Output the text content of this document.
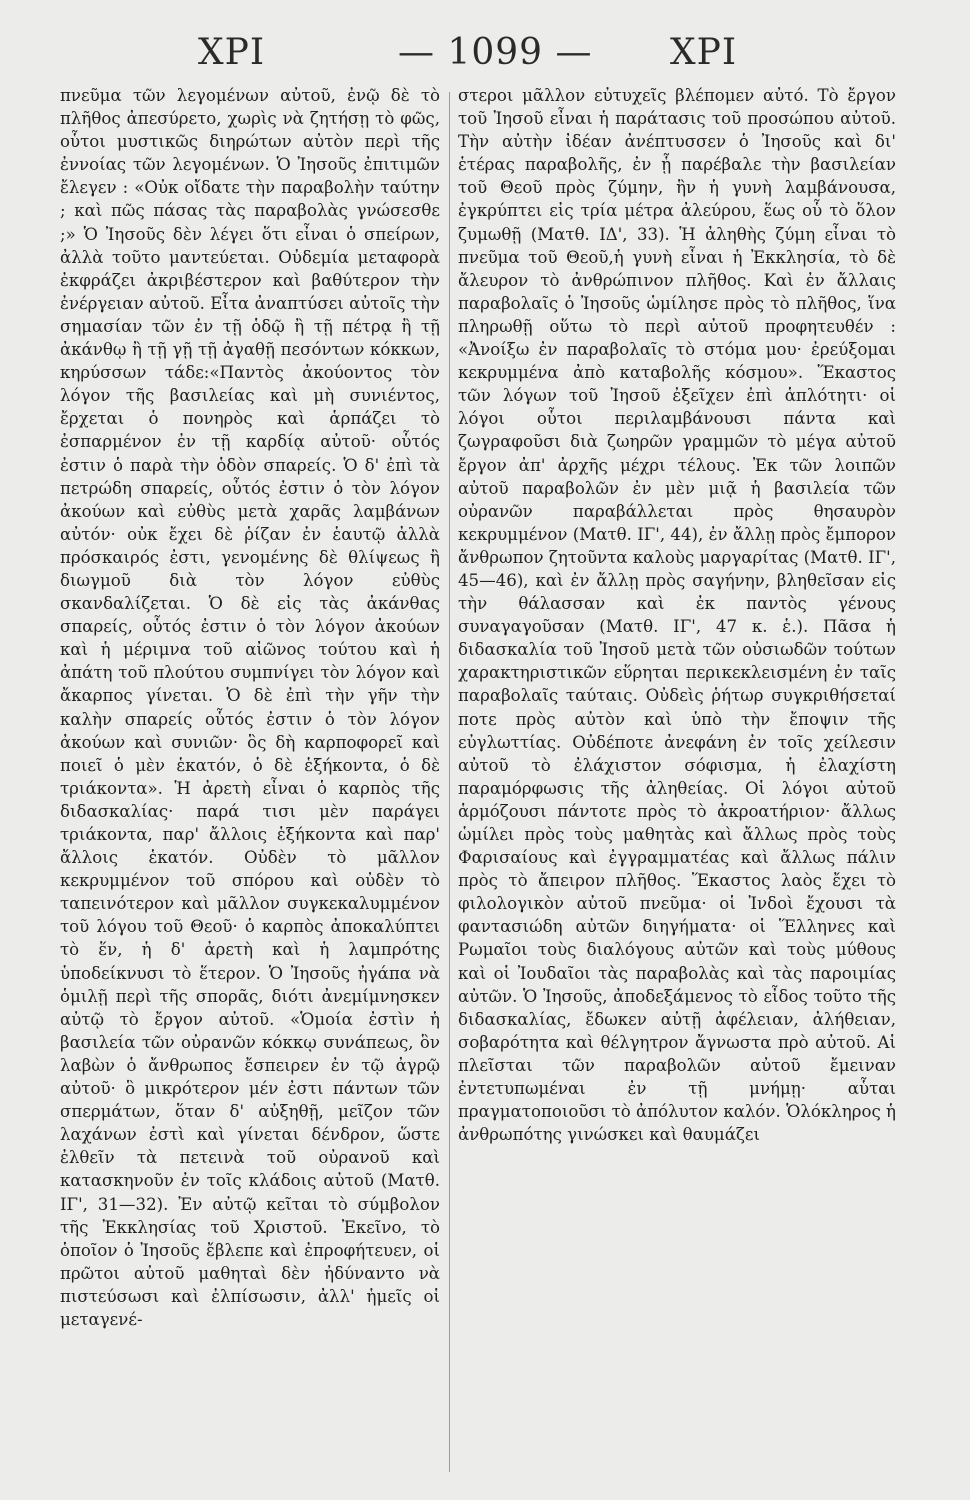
ΧΡΙ	— 1099 — ΧΡΙ

πνεῦμα τῶν λεγομένων αὐτοῦ, ἐνῷ δὲ τὸ πλῆθος ἀπεσύρετο, χωρὶς νὰ ζητήσῃ τὸ φῶς, οὗτοι μυστικῶς διηρώτων αὐτὸν περὶ τῆς ἐννοίας τῶν λεγομένων. Ὁ Ἰησοῦς ἐπιτιμῶν ἔλεγεν : «Οὐκ οἴδατε τὴν παραβολὴν ταύτην ; καὶ πῶς πάσας τὰς παραβολὰς γνώσεσθε ;» Ὁ Ἰησοῦς δὲν λέγει ὅτι εἶναι ὁ σπείρων, ἀλλὰ τοῦτο μαντεύεται. Οὐδεμία μεταφορὰ ἐκφράζει ἀκριβέστερον καὶ βαθύτερον τὴν ἐνέργειαν αὐτοῦ. Εἶτα ἀναπτύσει αὐτοῖς τὴν σημασίαν τῶν ἐν τῇ ὁδῷ ἢ τῇ πέτρᾳ ἢ τῇ ἀκάνθῳ ἢ τῇ γῇ τῇ ἀγαθῇ πεσόντων κόκκων, κηρύσσων τάδε:«Παντὸς ἀκούοντος τὸν λόγον τῆς βασιλείας καὶ μὴ συνιέντος, ἔρχεται ὁ πονηρὸς καὶ ἁρπάζει τὸ ἐσπαρμένον ἐν τῇ καρδίᾳ αὐτοῦ· οὗτός ἐστιν ὁ παρὰ τὴν ὁδὸν σπαρείς. Ὁ δ' ἐπὶ τὰ πετρώδη σπαρείς, οὗτός ἐστιν ὁ τὸν λόγον ἀκούων καὶ εὐθὺς μετὰ χαρᾶς λαμβάνων αὐτόν· οὐκ ἔχει δὲ ῥίζαν ἐν ἑαυτῷ ἀλλὰ πρόσκαιρός ἐστι, γενομένης δὲ θλίψεως ἢ διωγμοῦ διὰ τὸν λόγον εὐθὺς σκανδαλίζεται. Ὁ δὲ εἰς τὰς ἀκάνθας σπαρείς, οὗτός ἐστιν ὁ τὸν λόγον ἀκούων καὶ ἡ μέριμνα τοῦ αἰῶνος τούτου καὶ ἡ ἀπάτη τοῦ πλούτου συμπνίγει τὸν λόγον καὶ ἄκαρπος γίνεται. Ὁ δὲ ἐπὶ τὴν γῆν τὴν καλὴν σπαρείς οὗτός ἐστιν ὁ τὸν λόγον ἀκούων καὶ συνιῶν· ὃς δὴ καρποφορεῖ καὶ ποιεῖ ὁ μὲν ἑκατόν, ὁ δὲ ἑξήκοντα, ὁ δὲ τριάκοντα». Ἡ ἀρετὴ εἶναι ὁ καρπὸς τῆς διδασκαλίας· παρά τισι μὲν παράγει τριάκοντα, παρ' ἄλλοις ἑξήκοντα καὶ παρ' ἄλλοις ἑκατόν. Οὐδὲν τὸ μᾶλλον κεκρυμμένον τοῦ σπόρου καὶ οὐδὲν τὸ ταπεινότερον καὶ μᾶλλον συγκεκαλυμμένον τοῦ λόγου τοῦ Θεοῦ· ὁ καρπὸς ἀποκαλύπτει τὸ ἕν, ἡ δ' ἀρετὴ καὶ ἡ λαμπρότης ὑποδείκνυσι τὸ ἕτερον. Ὁ Ἰησοῦς ἠγάπα νὰ ὁμιλῇ περὶ τῆς σπορᾶς, διότι ἀνεμίμνησκεν αὐτῷ τὸ ἔργον αὐτοῦ. «Ὁμοία ἐστὶν ἡ βασιλεία τῶν οὐρανῶν κόκκῳ συνάπεως, ὃν λαβὼν ὁ ἄνθρωπος ἔσπειρεν ἐν τῷ ἀγρῷ αὐτοῦ· ὃ μικρότερον μέν ἐστι πάντων τῶν σπερμάτων, ὅταν δ' αὐξηθῇ, μεῖζον τῶν λαχάνων ἐστὶ καὶ γίνεται δένδρον, ὥστε ἐλθεῖν τὰ πετεινὰ τοῦ οὐρανοῦ καὶ κατασκηνοῦν ἐν τοῖς κλάδοις αὐτοῦ (Ματθ. ΙΓ', 31—32). Ἐν αὐτῷ κεῖται τὸ σύμβολον τῆς Ἐκκλησίας τοῦ Χριστοῦ. Ἐκεῖνο, τὸ ὁποῖον ὁ Ἰησοῦς ἔβλεπε καὶ ἐπροφήτευεν, οἱ πρῶτοι αὐτοῦ μαθηταὶ δὲν ἠδύναντο νὰ πιστεύσωσι καὶ ἐλπίσωσιν, ἀλλ' ἡμεῖς οἱ μεταγενέ-

στεροι μᾶλλον εὐτυχεῖς βλέπομεν αὐτό. Τὸ ἔργον τοῦ Ἰησοῦ εἶναι ἡ παράτασις τοῦ προσώπου αὐτοῦ. Τὴν αὐτὴν ἰδέαν ἀνέπτυσσεν ὁ Ἰησοῦς καὶ δι' ἑτέρας παραβολῆς, ἐν ᾗ παρέβαλε τὴν βασιλείαν τοῦ Θεοῦ πρὸς ζύμην, ἣν ἡ γυνὴ λαμβάνουσα, ἐγκρύπτει εἰς τρία μέτρα ἀλεύρου, ἕως οὗ τὸ ὅλον ζυμωθῇ (Ματθ. ΙΔ', 33). Ἡ ἀληθὴς ζύμη εἶναι τὸ πνεῦμα τοῦ Θεοῦ,ἡ γυνὴ εἶναι ἡ Ἐκκλησία, τὸ δὲ ἄλευρον τὸ ἀνθρώπινον πλῆθος. Καὶ ἐν ἄλλαις παραβολαῖς ὁ Ἰησοῦς ὡμίλησε πρὸς τὸ πλῆθος, ἵνα πληρωθῇ οὕτω τὸ περὶ αὐτοῦ προφητευθέν : «Ἀνοίξω ἐν παραβολαῖς τὸ στόμα μου· ἐρεύξομαι κεκρυμμένα ἀπὸ καταβολῆς κόσμου». Ἕκαστος τῶν λόγων τοῦ Ἰησοῦ ἐξεῖχεν ἐπὶ ἁπλότητι· οἱ λόγοι οὗτοι περιλαμβάνουσι πάντα καὶ ζωγραφοῦσι διὰ ζωηρῶν γραμμῶν τὸ μέγα αὐτοῦ ἔργον ἀπ' ἀρχῆς μέχρι τέλους. Ἐκ τῶν λοιπῶν αὐτοῦ παραβολῶν ἐν μὲν μιᾷ ἡ βασιλεία τῶν οὐρανῶν παραβάλλεται πρὸς θησαυρὸν κεκρυμμένον (Ματθ. ΙΓ', 44), ἐν ἄλλῃ πρὸς ἔμπορον ἄνθρωπον ζητοῦντα καλοὺς μαργαρίτας (Ματθ. ΙΓ', 45—46), καὶ ἐν ἄλλῃ πρὸς σαγήνην, βληθεῖσαν εἰς τὴν θάλασσαν καὶ ἐκ παντὸς γένους συναγαγοῦσαν (Ματθ. ΙΓ', 47 κ. ἑ.). Πᾶσα ἡ διδασκαλία τοῦ Ἰησοῦ μετὰ τῶν οὐσιωδῶν τούτων χαρακτηριστικῶν εὕρηται περικεκλεισμένη ἐν ταῖς παραβολαῖς ταύταις. Οὐδεὶς ῥήτωρ συγκριθήσεταί ποτε πρὸς αὐτὸν καὶ ὑπὸ τὴν ἔποψιν τῆς εὐγλωττίας. Οὐδέποτε ἀνεφάνη ἐν τοῖς χείλεσιν αὐτοῦ τὸ ἐλάχιστον σόφισμα, ἡ ἐλαχίστη παραμόρφωσις τῆς ἀληθείας. Οἱ λόγοι αὐτοῦ ἁρμόζουσι πάντοτε πρὸς τὸ ἀκροατήριον· ἄλλως ὡμίλει πρὸς τοὺς μαθητὰς καὶ ἄλλως πρὸς τοὺς Φαρισαίους καὶ ἐγγραμματέας καὶ ἄλλως πάλιν πρὸς τὸ ἄπειρον πλῆθος. Ἕκαστος λαὸς ἔχει τὸ φιλολογικὸν αὐτοῦ πνεῦμα· οἱ Ἰνδοὶ ἔχουσι τὰ φαντασιώδη αὐτῶν διηγήματα· οἱ Ἕλληνες καὶ Ρωμαῖοι τοὺς διαλόγους αὐτῶν καὶ τοὺς μύθους καὶ οἱ Ἰουδαῖοι τὰς παραβολὰς καὶ τὰς παροιμίας αὐτῶν. Ὁ Ἰησοῦς, ἀποδεξάμενος τὸ εἶδος τοῦτο τῆς διδασκαλίας, ἔδωκεν αὐτῇ ἀφέλειαν, ἀλήθειαν, σοβαρότητα καὶ θέλγητρον ἄγνωστα πρὸ αὐτοῦ. Αἱ πλεῖσται τῶν παραβολῶν αὐτοῦ ἔμειναν ἐντετυπωμέναι ἐν τῇ μνήμῃ· αὗται πραγματοποιοῦσι τὸ ἀπόλυτον καλόν. Ὁλόκληρος ἡ ἀνθρωπότης γινώσκει καὶ θαυμάζει
